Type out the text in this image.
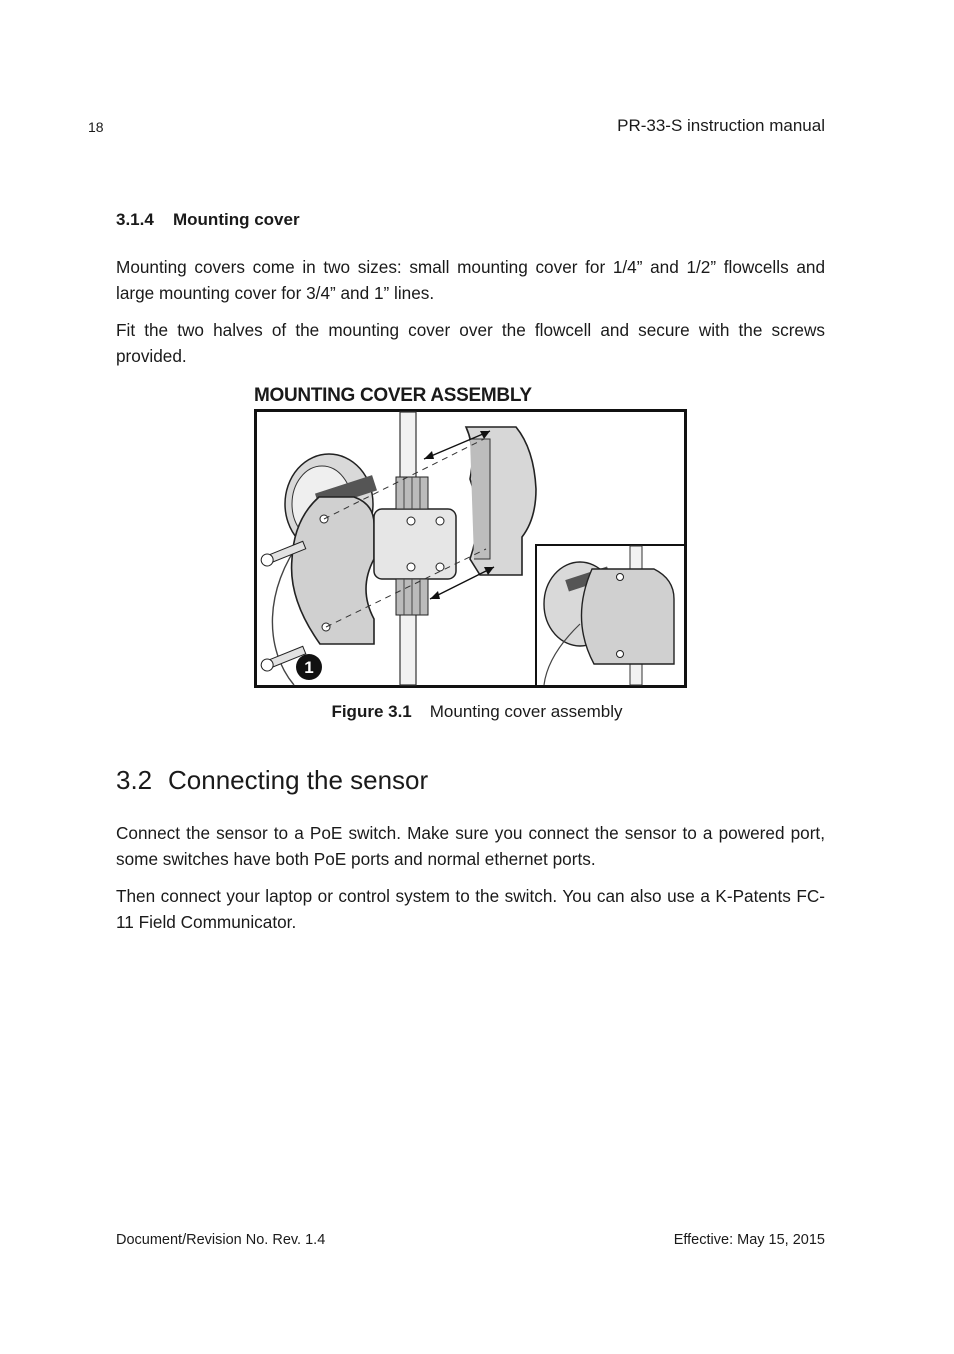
18	PR-33-S instruction manual
3.1.4 Mounting cover
Mounting covers come in two sizes: small mounting cover for 1/4” and 1/2” flowcells and large mounting cover for 3/4” and 1” lines.
Fit the two halves of the mounting cover over the flowcell and secure with the screws provided.
MOUNTING COVER ASSEMBLY
1
Figure 3.1 Mounting cover assembly
3.2 Connecting the sensor
Connect the sensor to a PoE switch. Make sure you connect the sensor to a powered port, some switches have both PoE ports and normal ethernet ports.
Then connect your laptop or control system to the switch. You can also use a K-Patents FC-11 Field Communicator.
Document/Revision No. Rev. 1.4	Effective: May 15, 2015
